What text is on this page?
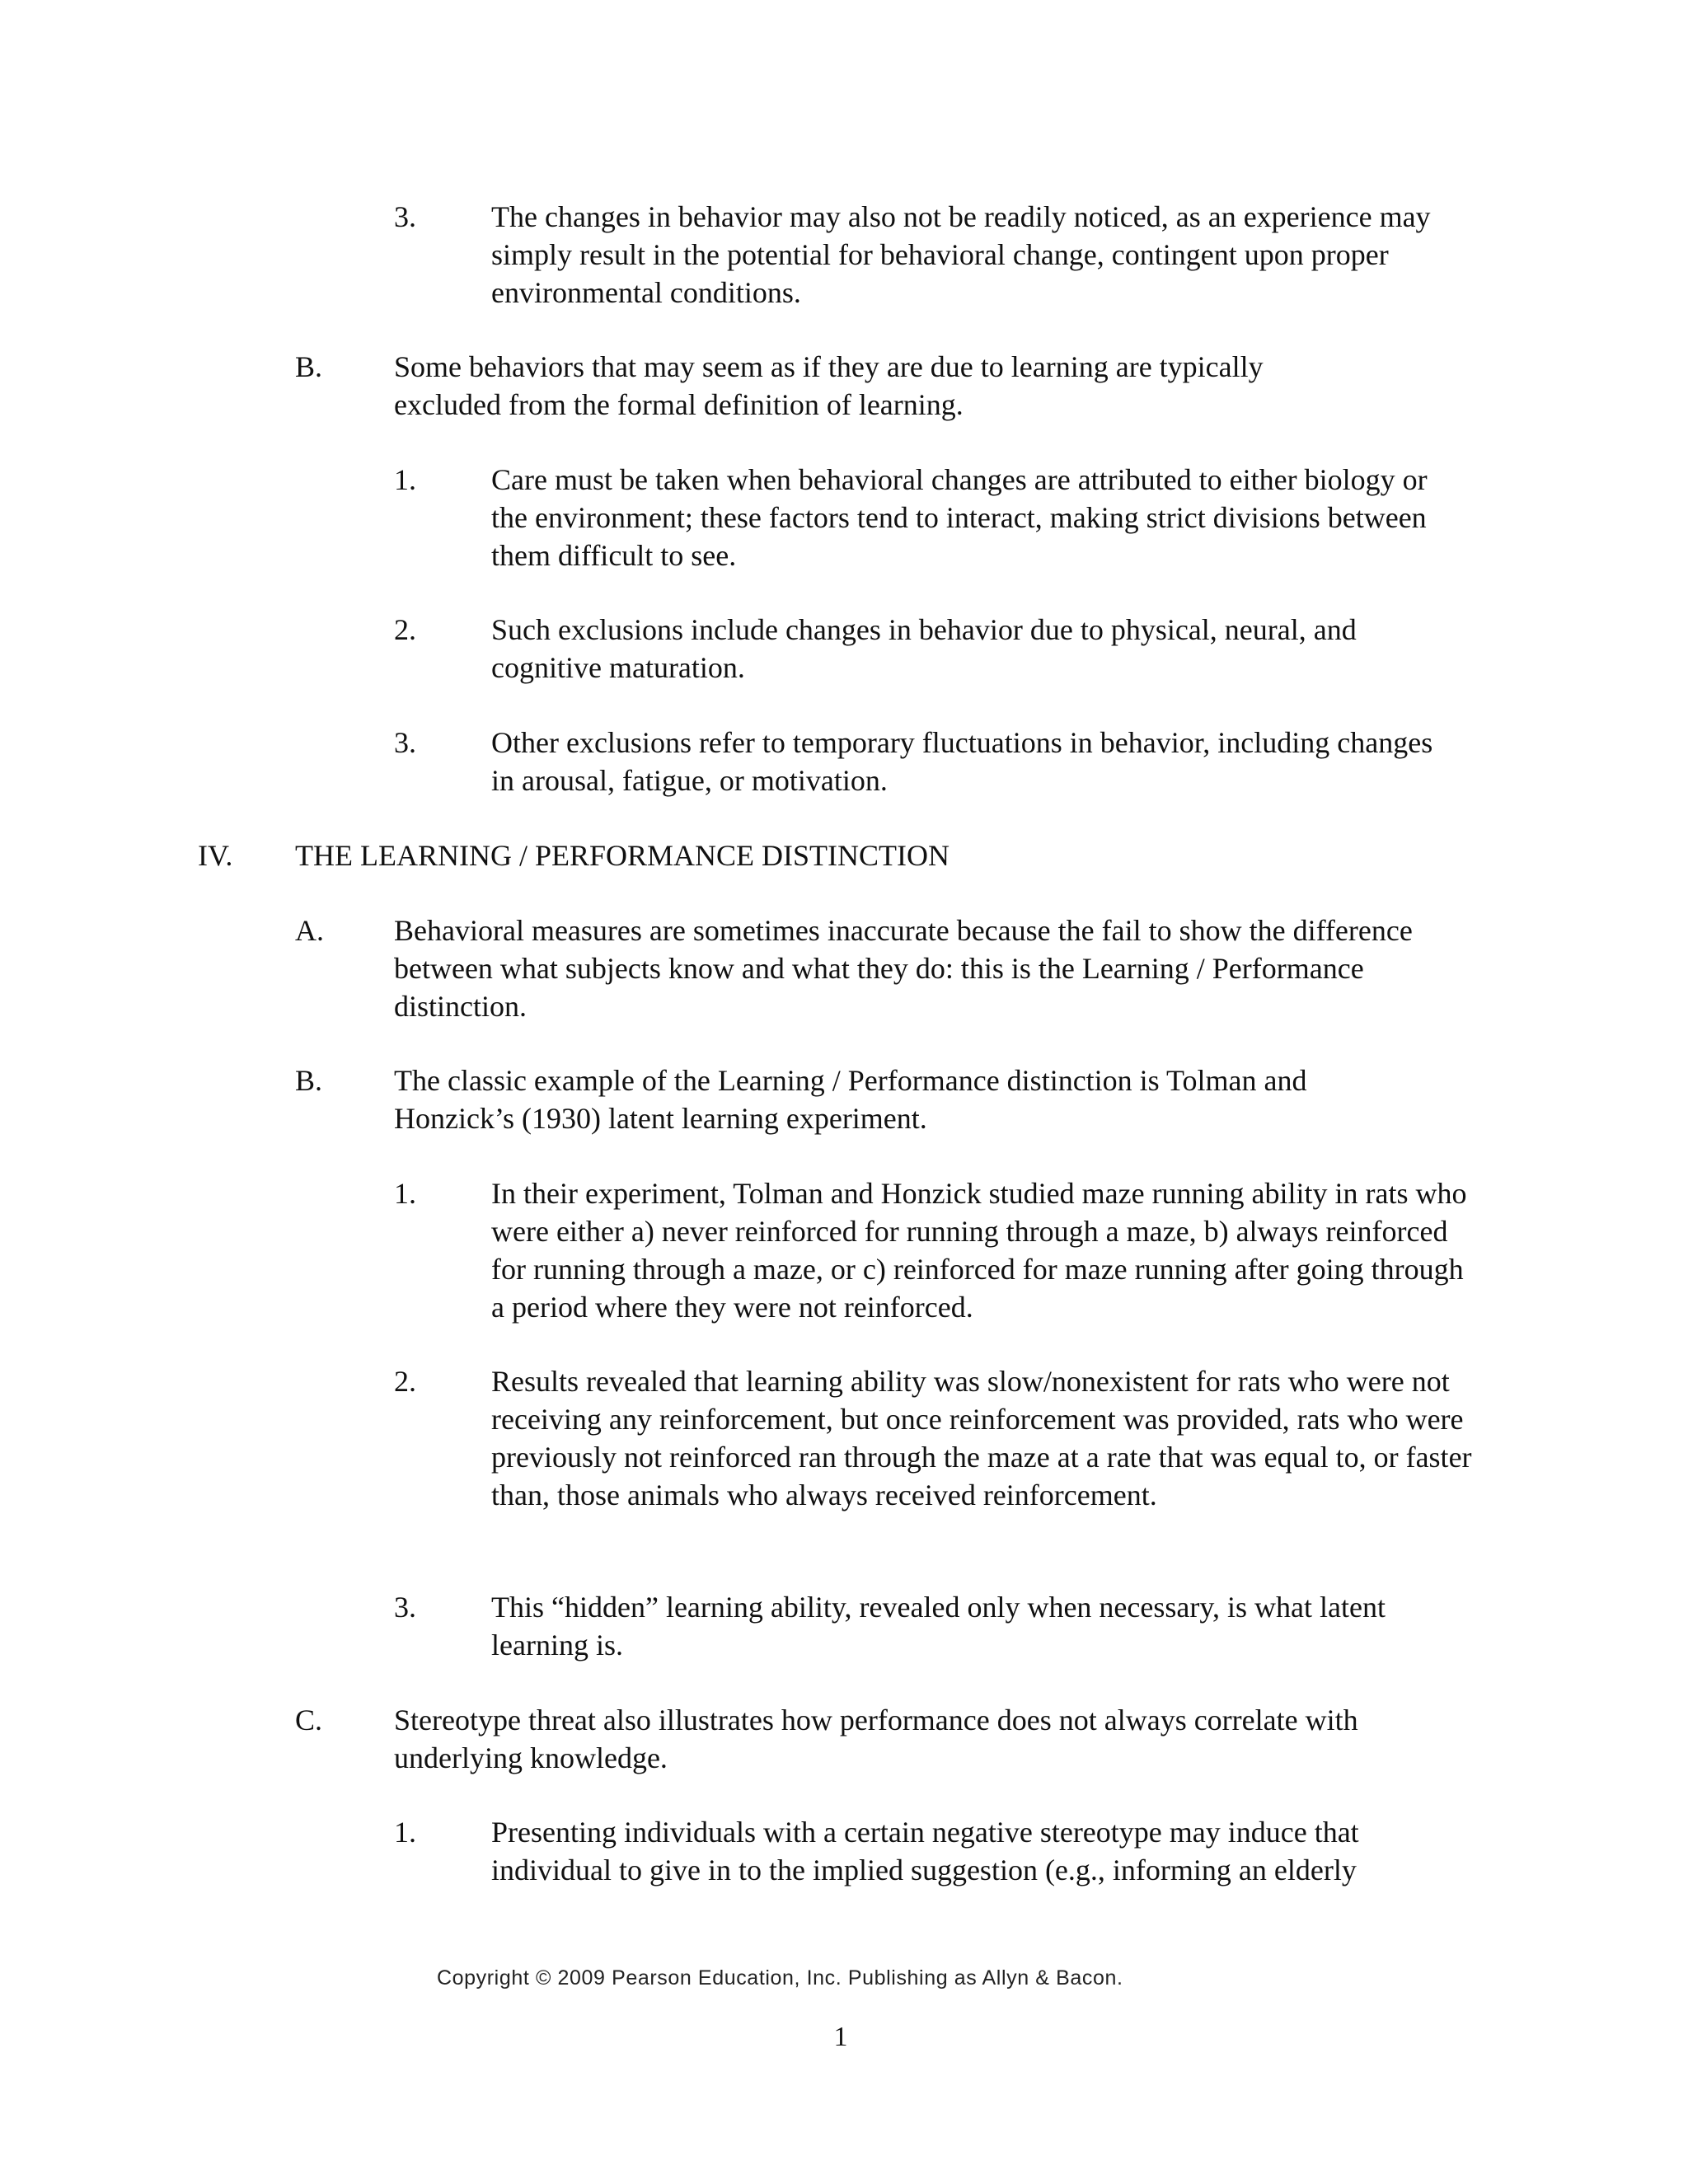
3.	The changes in behavior may also not be readily noticed, as an experience may simply result in the potential for behavioral change, contingent upon proper environmental conditions.
B. Some behaviors that may seem as if they are due to learning are typically excluded from the formal definition of learning.
1.	Care must be taken when behavioral changes are attributed to either biology or the environment; these factors tend to interact, making strict divisions between them difficult to see.
2.	Such exclusions include changes in behavior due to physical, neural, and cognitive maturation.
3.	Other exclusions refer to temporary fluctuations in behavior, including changes in arousal, fatigue, or motivation.
IV. THE LEARNING / PERFORMANCE DISTINCTION
A. Behavioral measures are sometimes inaccurate because the fail to show the difference between what subjects know and what they do: this is the Learning / Performance distinction.
B. The classic example of the Learning / Performance distinction is Tolman and Honzick’s (1930) latent learning experiment.
1.	In their experiment, Tolman and Honzick studied maze running ability in rats who were either a) never reinforced for running through a maze, b) always reinforced for running through a maze, or c) reinforced for maze running after going through a period where they were not reinforced.
2.	Results revealed that learning ability was slow/nonexistent for rats who were not receiving any reinforcement, but once reinforcement was provided, rats who were previously not reinforced ran through the maze at a rate that was equal to, or faster than, those animals who always received reinforcement.
3.	This “hidden” learning ability, revealed only when necessary, is what latent learning is.
C. Stereotype threat also illustrates how performance does not always correlate with underlying knowledge.
1.	Presenting individuals with a certain negative stereotype may induce that individual to give in to the implied suggestion (e.g., informing an elderly
Copyright © 2009 Pearson Education, Inc. Publishing as Allyn & Bacon.
1
